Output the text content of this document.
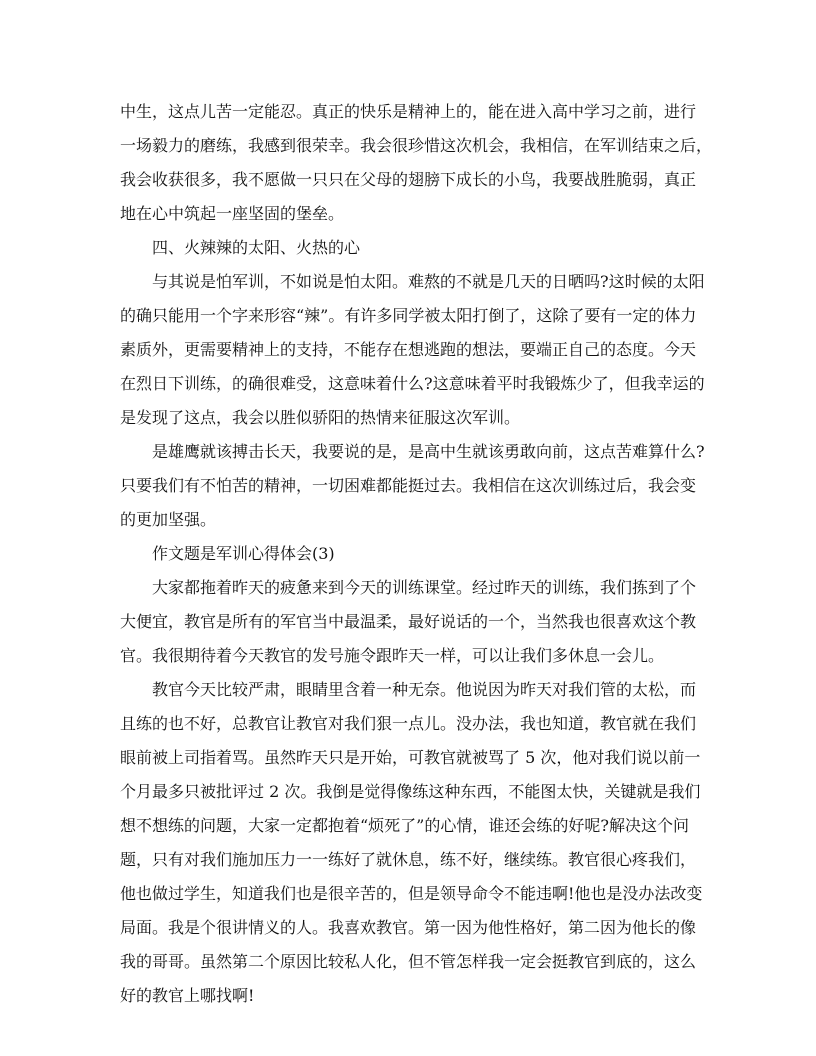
中生，这点儿苦一定能忍。真正的快乐是精神上的，能在进入高中学习之前，进行
一场毅力的磨练，我感到很荣幸。我会很珍惜这次机会，我相信，在军训结束之后，
我会收获很多，我不愿做一只只在父母的翅膀下成长的小鸟，我要战胜脆弱，真正
地在心中筑起一座坚固的堡垒。
四、火辣辣的太阳、火热的心
与其说是怕军训，不如说是怕太阳。难熬的不就是几天的日晒吗?这时候的太阳
的确只能用一个字来形容“辣”。有许多同学被太阳打倒了，这除了要有一定的体力
素质外，更需要精神上的支持，不能存在想逃跑的想法，要端正自己的态度。今天
在烈日下训练，的确很难受，这意味着什么?这意味着平时我锻炼少了，但我幸运的
是发现了这点，我会以胜似骄阳的热情来征服这次军训。
是雄鹰就该搏击长天，我要说的是，是高中生就该勇敢向前，这点苦难算什么?
只要我们有不怕苦的精神，一切困难都能挺过去。我相信在这次训练过后，我会变
的更加坚强。
作文题是军训心得体会(3)
大家都拖着昨天的疲惫来到今天的训练课堂。经过昨天的训练，我们拣到了个
大便宜，教官是所有的军官当中最温柔，最好说话的一个，当然我也很喜欢这个教
官。我很期待着今天教官的发号施令跟昨天一样，可以让我们多休息一会儿。
教官今天比较严肃，眼睛里含着一种无奈。他说因为昨天对我们管的太松，而
且练的也不好，总教官让教官对我们狠一点儿。没办法，我也知道，教官就在我们
眼前被上司指着骂。虽然昨天只是开始，可教官就被骂了 5 次，他对我们说以前一
个月最多只被批评过 2 次。我倒是觉得像练这种东西，不能图太快，关键就是我们
想不想练的问题，大家一定都抱着“烦死了”的心情，谁还会练的好呢?解决这个问
题，只有对我们施加压力一一练好了就休息，练不好，继续练。教官很心疼我们，
他也做过学生，知道我们也是很辛苦的，但是领导命令不能违啊!他也是没办法改变
局面。我是个很讲情义的人。我喜欢教官。第一因为他性格好，第二因为他长的像
我的哥哥。虽然第二个原因比较私人化，但不管怎样我一定会挺教官到底的，这么
好的教官上哪找啊!
